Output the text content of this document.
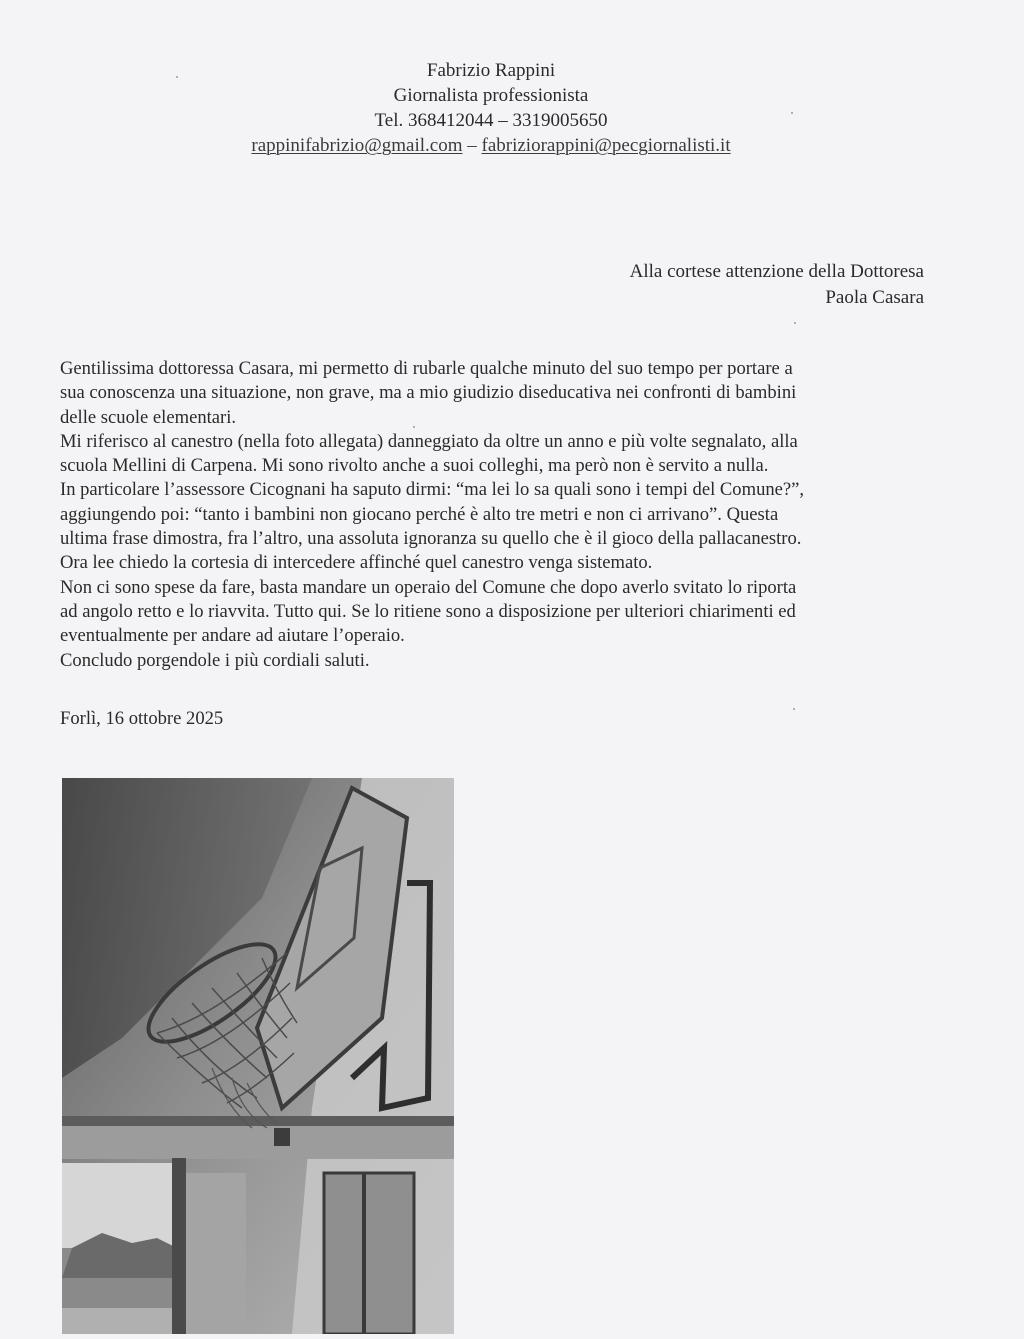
Fabrizio Rappini
Giornalista professionista
Tel. 368412044 – 3319005650
rappinifabrizio@gmail.com – fabriziorappini@pecgiornalisti.it
Alla cortese attenzione della Dottoresa
Paola Casara
Gentilissima dottoressa Casara, mi permetto di rubarle qualche minuto del suo tempo per portare a
sua conoscenza una situazione, non grave, ma a mio giudizio diseducativa nei confronti di bambini
delle scuole elementari.
Mi riferisco al canestro (nella foto allegata) danneggiato da oltre un anno e più volte segnalato, alla
scuola Mellini di Carpena. Mi sono rivolto anche a suoi colleghi, ma però non è servito a nulla.
In particolare l’assessore Cicognani ha saputo dirmi: “ma lei lo sa quali sono i tempi del Comune?”,
aggiungendo poi: “tanto i bambini non giocano perché è alto tre metri e non ci arrivano”. Questa
ultima frase dimostra, fra l’altro, una assoluta ignoranza su quello che è il gioco della pallacanestro.
Ora lee chiedo la cortesia di intercedere affinché quel canestro venga sistemato.
Non ci sono spese da fare, basta mandare un operaio del Comune che dopo averlo svitato lo riporta
ad angolo retto e lo riavvita. Tutto qui. Se lo ritiene sono a disposizione per ulteriori chiarimenti ed
eventualmente per andare ad aiutare l’operaio.
Concludo porgendole i più cordiali saluti.
Forlì, 16 ottobre 2025
